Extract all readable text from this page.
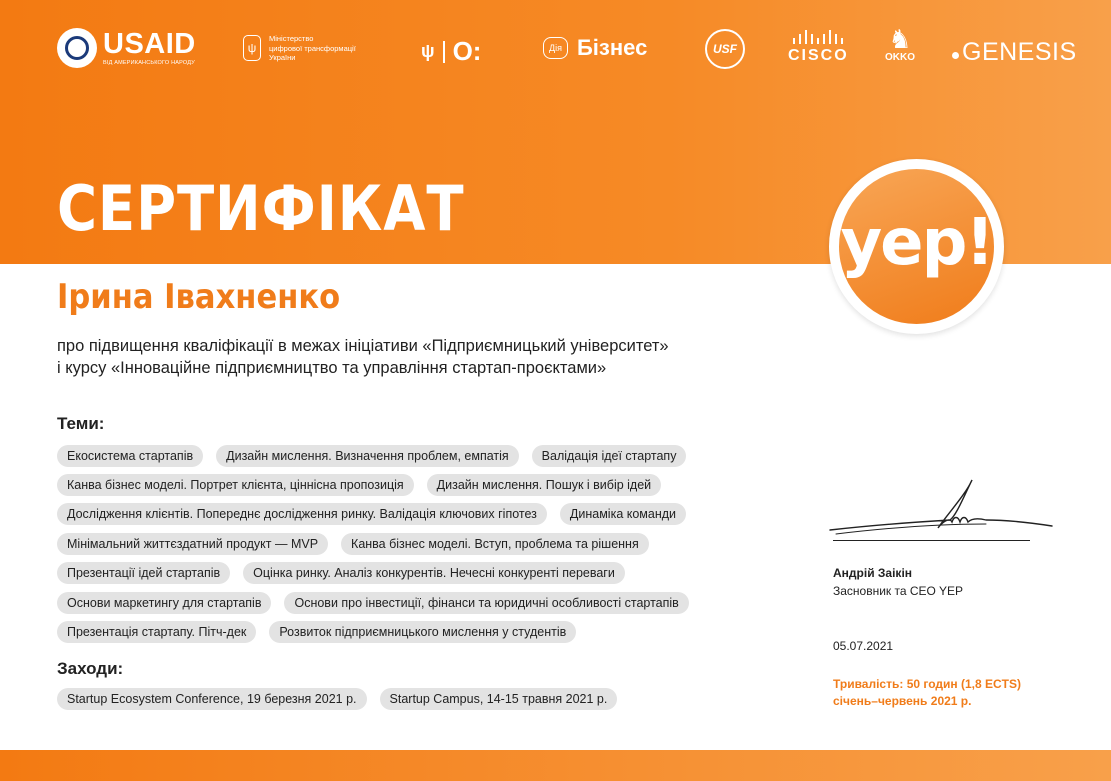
USAID
ВІД АМЕРИКАНСЬКОГО НАРОДУ
ψ
Міністерство
цифрової трансформації
України	ψ O:	Дія Бізнес	USF	CISCO
♞
OKKO GENESIS
СЕРТИФІКАТ	yep!
Ірина Івахненко
про підвищення кваліфікації в межах ініціативи «Підприємницький університет»
і курсу «Інноваційне підприємництво та управління стартап-проєктами»
Теми:
Екосистема стартапів	Дизайн мислення. Визначення проблем, емпатія	Валідація ідеї стартапу
Канва бізнес моделі. Портрет клієнта, ціннісна пропозиція	Дизайн мислення. Пошук і вибір ідей
Дослідження клієнтів. Попереднє дослідження ринку. Валідація ключових гіпотез	Динаміка команди
Мінімальний життєздатний продукт — MVP	Канва бізнес моделі. Вступ, проблема та рішення
Презентації ідей стартапів	Оцінка ринку. Аналіз конкурентів. Нечесні конкуренті переваги
Основи маркетингу для стартапів	Основи про інвестиції, фінанси та юридичні особливості стартапів
Презентація стартапу. Пітч-дек	Розвиток підприємницького мислення у студентів
Заходи:
Startup Ecosystem Conference, 19 березня 2021 р.	Startup Campus, 14-15 травня 2021 р.
Андрій Заікін
Засновник та CEO YEP
05.07.2021
Тривалість: 50 годин (1,8 ECTS)
січень–червень 2021 р.
